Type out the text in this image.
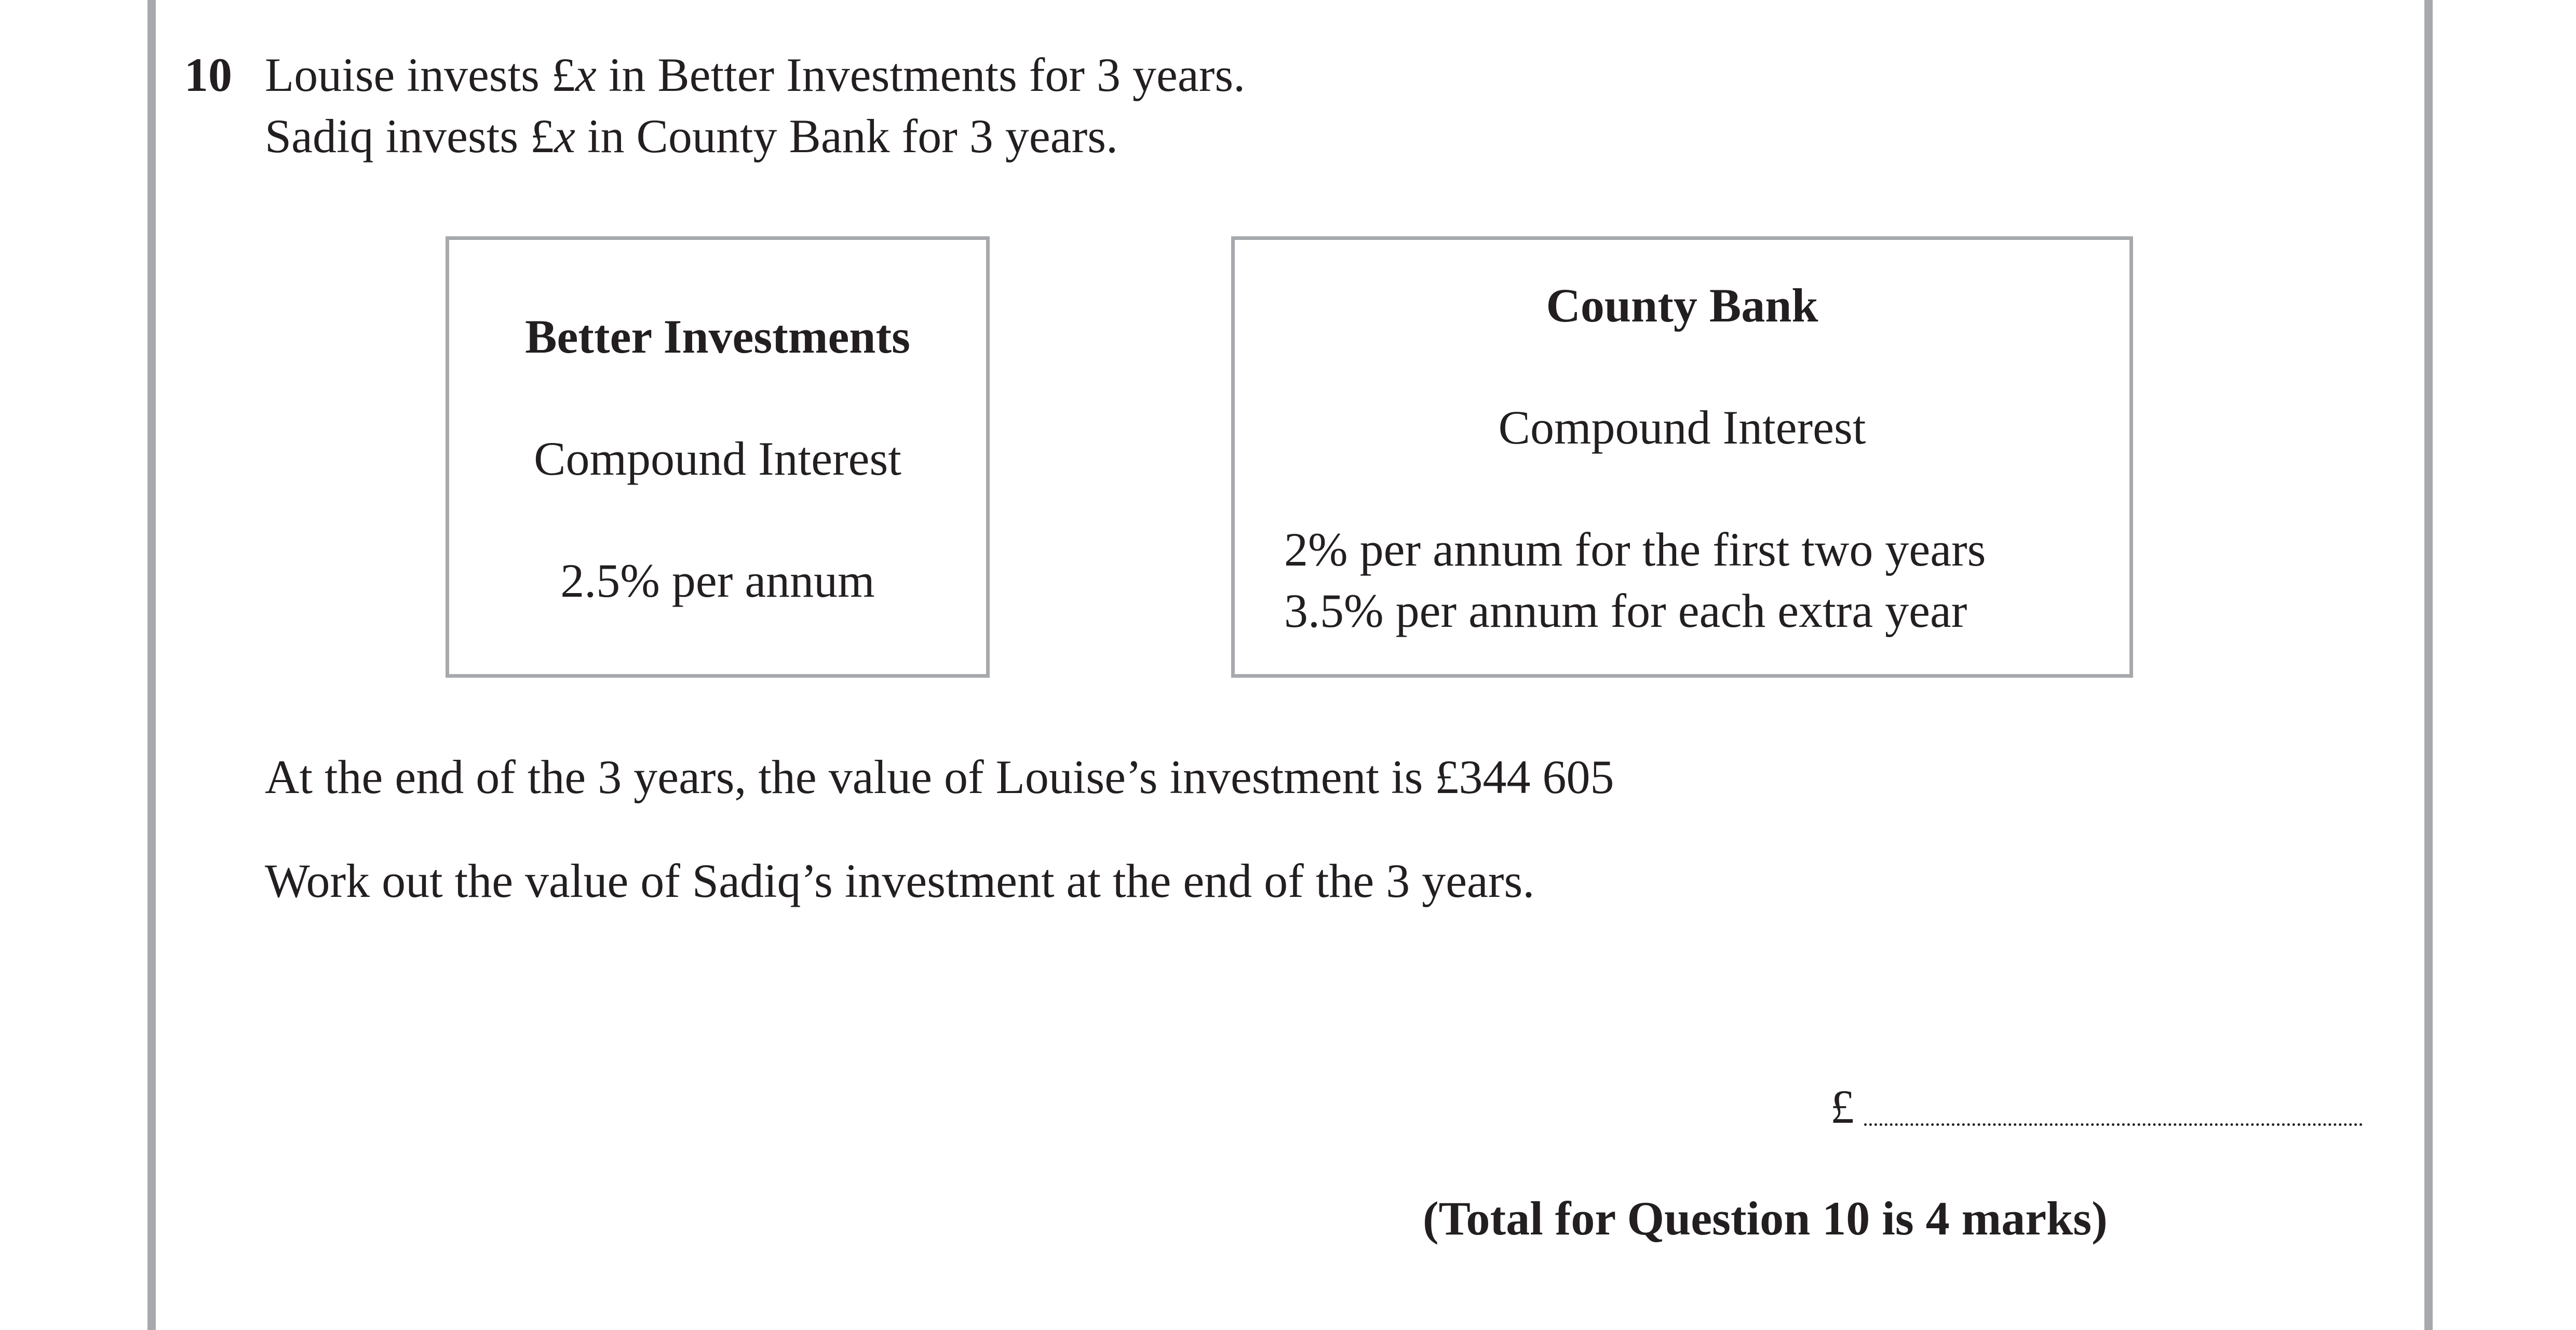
10 Louise invests £x in Better Investments for 3 years.
Sadiq invests £x in County Bank for 3 years.
Better Investments
Compound Interest
2.5% per annum
County Bank
Compound Interest
2% per annum for the first two years
3.5% per annum for each extra year
At the end of the 3 years, the value of Louise’s investment is £344 605
Work out the value of Sadiq’s investment at the end of the 3 years.
£
(Total for Question 10 is 4 marks)
